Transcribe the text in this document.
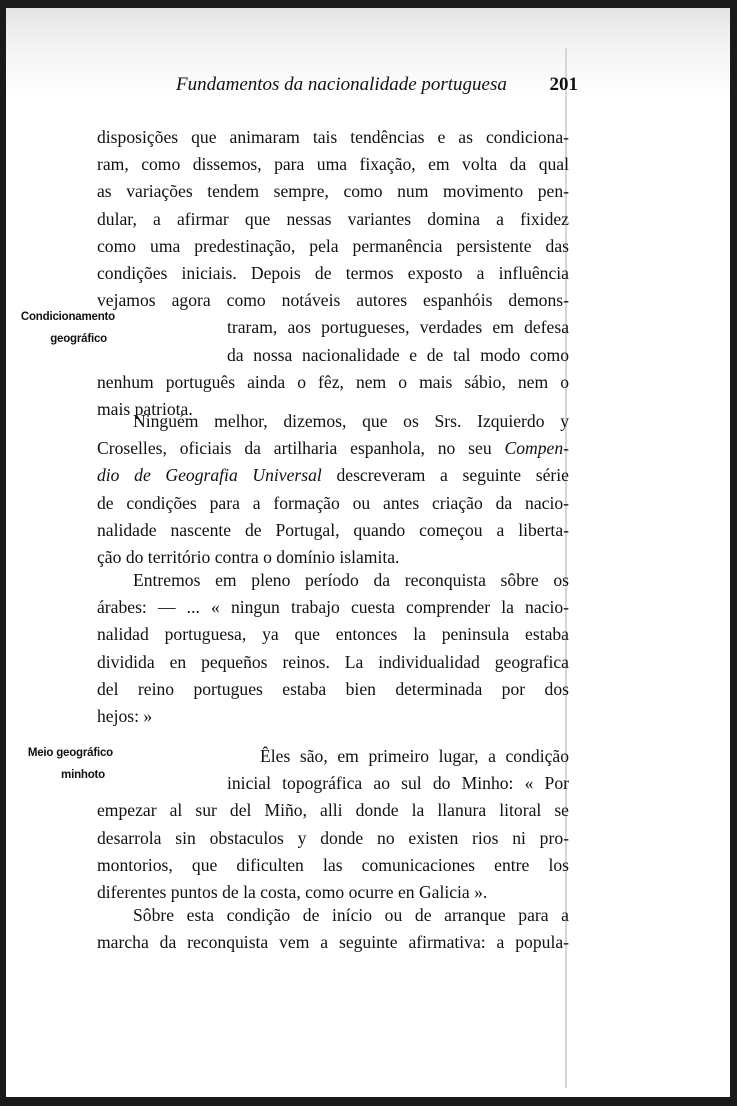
Fundamentos da nacionalidade portuguesa 201
disposições que animaram tais tendências e as condiciona-
ram, como dissemos, para uma fixação, em volta da qual
as variações tendem sempre, como num movimento pen-
dular, a afirmar que nessas variantes domina a fixidez
como uma predestinação, pela permanência persistente das
condições iniciais. Depois de termos exposto a influência
vejamos agora como notáveis autores espanhóis demons-
traram, aos portugueses, verdades em defesa
da nossa nacionalidade e de tal modo como
nenhum português ainda o fêz, nem o mais sábio, nem o
mais patriota.
Condicionamento
geográfico
Ninguém melhor, dizemos, que os Srs. Izquierdo y
Croselles, oficiais da artilharia espanhola, no seu Compen-
dio de Geografia Universal descreveram a seguinte série
de condições para a formação ou antes criação da nacio-
nalidade nascente de Portugal, quando começou a liberta-
ção do território contra o domínio islamita.
Entremos em pleno período da reconquista sôbre os
árabes: — ... « ningun trabajo cuesta comprender la nacio-
nalidad portuguesa, ya que entonces la peninsula estaba
dividida en pequeños reinos. La individualidad geografica
del reino portugues estaba bien determinada por dos
hejos: »
Meio geográfico
minhoto
Êles são, em primeiro lugar, a condição
inicial topográfica ao sul do Minho: « Por
empezar al sur del Miño, alli donde la llanura litoral se
desarrola sin obstaculos y donde no existen rios ni pro-
montorios, que dificulten las comunicaciones entre los
diferentes puntos de la costa, como ocurre en Galicia ».
Sôbre esta condição de início ou de arranque para a
marcha da reconquista vem a seguinte afirmativa: a popula-
